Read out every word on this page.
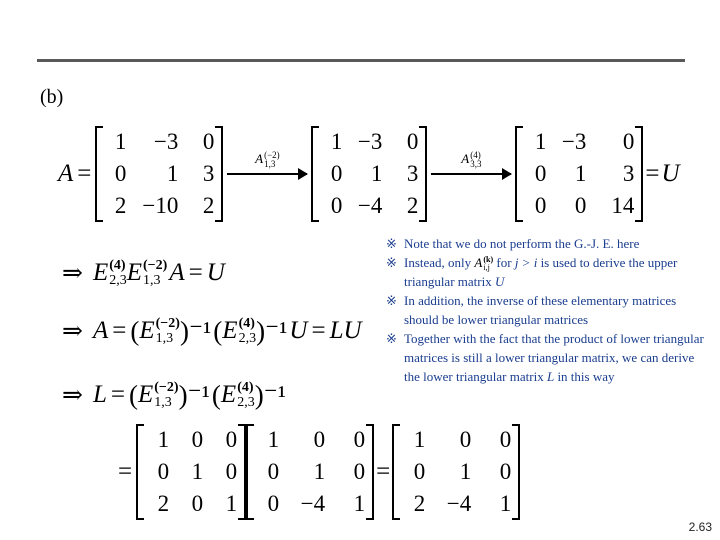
(b)
A =
1	−3	0
0	1	3
2 −10	2
A (−2)
1,3
1 −3	0
0	1	3
0 −4	2
A (4)
3,3
1 −3	0
0	1	3
0	0	14
= U
⇒ E (4)
2,3 E (−2)
1,3 A = U
⇒ A = ( E (−2)
1,3 )⁻¹ ( E (4)
2,3 )⁻¹ U = LU
⇒ L = ( E (−2)
1,3 )⁻¹ ( E (4)
2,3 )⁻¹
=
1 0 0
0 1 0
2 0 1
1	0	0
0	1	0
0 −4	1
=
1	0	0
0	1	0
2 −4	1
※ Note that we do not perform the G.-J. E. here
※ Instead, only A (k)
i,j for j > i is used to derive the upper triangular matrix U
※ In addition, the inverse of these elementary matrices should be lower triangular matrices
※ Together with the fact that the product of lower triangular matrices is still a lower triangular matrix, we can derive the lower triangular matrix L in this way
2.63
